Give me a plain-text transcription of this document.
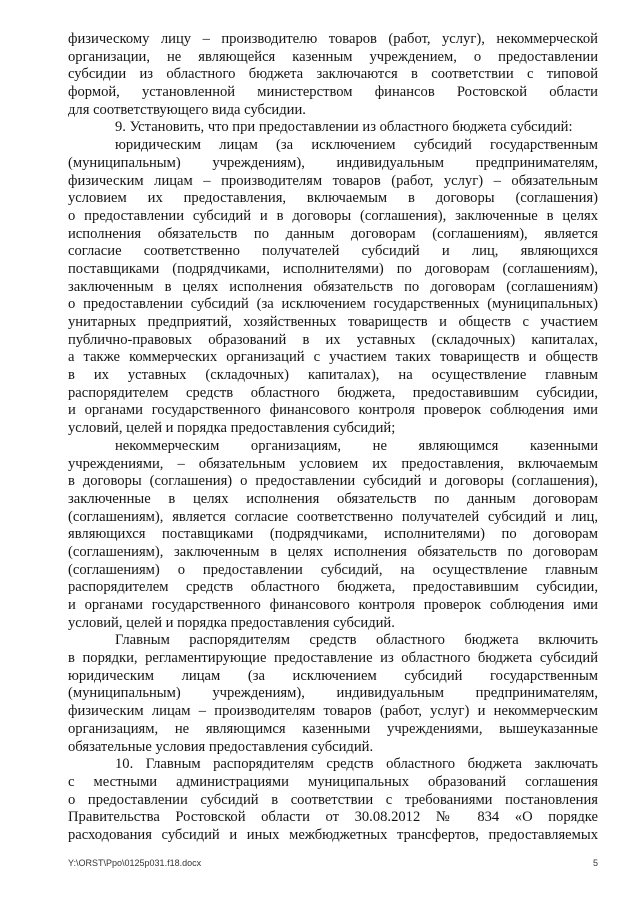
физическому лицу – производителю товаров (работ, услуг), некоммерческой
организации, не являющейся казенным учреждением, о предоставлении
субсидии из областного бюджета заключаются в соответствии с типовой
формой, установленной министерством финансов Ростовской области
для соответствующего вида субсидии.
9. Установить, что при предоставлении из областного бюджета субсидий:
юридическим лицам (за исключением субсидий государственным
(муниципальным) учреждениям), индивидуальным предпринимателям,
физическим лицам – производителям товаров (работ, услуг) – обязательным
условием их предоставления, включаемым в договоры (соглашения)
о предоставлении субсидий и в договоры (соглашения), заключенные в целях
исполнения обязательств по данным договорам (соглашениям), является
согласие соответственно получателей субсидий и лиц, являющихся
поставщиками (подрядчиками, исполнителями) по договорам (соглашениям),
заключенным в целях исполнения обязательств по договорам (соглашениям)
о предоставлении субсидий (за исключением государственных (муниципальных)
унитарных предприятий, хозяйственных товариществ и обществ с участием
публично-правовых образований в их уставных (складочных) капиталах,
а также коммерческих организаций с участием таких товариществ и обществ
в их уставных (складочных) капиталах), на осуществление главным
распорядителем средств областного бюджета, предоставившим субсидии,
и органами государственного финансового контроля проверок соблюдения ими
условий, целей и порядка предоставления субсидий;
некоммерческим организациям, не являющимся казенными
учреждениями, – обязательным условием их предоставления, включаемым
в договоры (соглашения) о предоставлении субсидий и договоры (соглашения),
заключенные в целях исполнения обязательств по данным договорам
(соглашениям), является согласие соответственно получателей субсидий и лиц,
являющихся поставщиками (подрядчиками, исполнителями) по договорам
(соглашениям), заключенным в целях исполнения обязательств по договорам
(соглашениям) о предоставлении субсидий, на осуществление главным
распорядителем средств областного бюджета, предоставившим субсидии,
и органами государственного финансового контроля проверок соблюдения ими
условий, целей и порядка предоставления субсидий.
Главным распорядителям средств областного бюджета включить
в порядки, регламентирующие предоставление из областного бюджета субсидий
юридическим лицам (за исключением субсидий государственным
(муниципальным) учреждениям), индивидуальным предпринимателям,
физическим лицам – производителям товаров (работ, услуг) и некоммерческим
организациям, не являющимся казенными учреждениями, вышеуказанные
обязательные условия предоставления субсидий.
10. Главным распорядителям средств областного бюджета заключать
с местными администрациями муниципальных образований соглашения
о предоставлении субсидий в соответствии с требованиями постановления
Правительства Ростовской области от 30.08.2012 № 834 «О порядке
расходования субсидий и иных межбюджетных трансфертов, предоставляемых
Y:\ORST\Ppo\0125p031.f18.docx	5
